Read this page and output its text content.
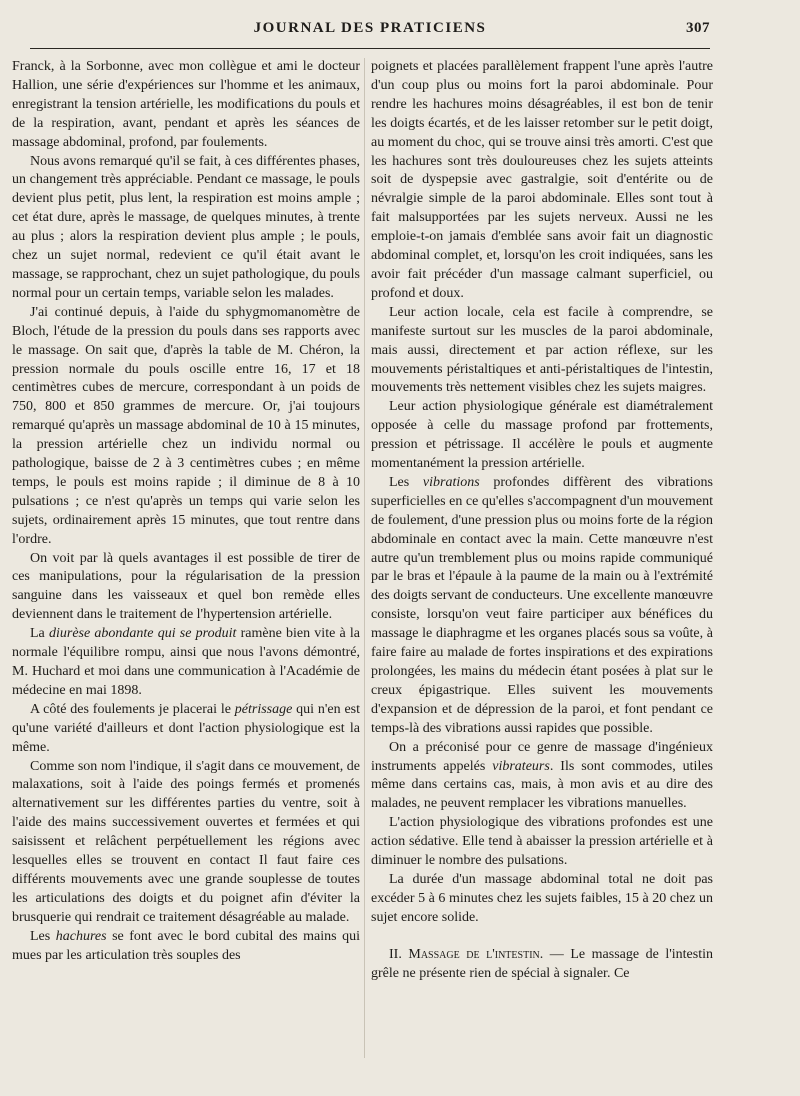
JOURNAL DES PRATICIENS	307

Franck, à la Sorbonne, avec mon collègue et ami le docteur Hallion, une série d'expériences sur l'homme et les animaux, enregistrant la tension artérielle, les modifications du pouls et de la respiration, avant, pendant et après les séances de massage abdominal, profond, par foulements.

Nous avons remarqué qu'il se fait, à ces différentes phases, un changement très appréciable. Pendant ce massage, le pouls devient plus petit, plus lent, la respiration est moins ample ; cet état dure, après le massage, de quelques minutes, à trente au plus ; alors la respiration devient plus ample ; le pouls, chez un sujet normal, redevient ce qu'il était avant le massage, se rapprochant, chez un sujet pathologique, du pouls normal pour un certain temps, variable selon les malades.

J'ai continué depuis, à l'aide du sphygmomanomètre de Bloch, l'étude de la pression du pouls dans ses rapports avec le massage. On sait que, d'après la table de M. Chéron, la pression normale du pouls oscille entre 16, 17 et 18 centimètres cubes de mercure, correspondant à un poids de 750, 800 et 850 grammes de mercure. Or, j'ai toujours remarqué qu'après un massage abdominal de 10 à 15 minutes, la pression artérielle chez un individu normal ou pathologique, baisse de 2 à 3 centimètres cubes ; en même temps, le pouls est moins rapide ; il diminue de 8 à 10 pulsations ; ce n'est qu'après un temps qui varie selon les sujets, ordinairement après 15 minutes, que tout rentre dans l'ordre.

On voit par là quels avantages il est possible de tirer de ces manipulations, pour la régularisation de la pression sanguine dans les vaisseaux et quel bon remède elles deviennent dans le traitement de l'hypertension artérielle.

La diurèse abondante qui se produit ramène bien vite à la normale l'équilibre rompu, ainsi que nous l'avons démontré, M. Huchard et moi dans une communication à l'Académie de médecine en mai 1898.

A côté des foulements je placerai le pétrissage qui n'en est qu'une variété d'ailleurs et dont l'action physiologique est la même.

Comme son nom l'indique, il s'agit dans ce mouvement, de malaxations, soit à l'aide des poings fermés et promenés alternativement sur les différentes parties du ventre, soit à l'aide des mains successivement ouvertes et fermées et qui saisissent et relâchent perpétuellement les régions avec lesquelles elles se trouvent en contact Il faut faire ces différents mouvements avec une grande souplesse de toutes les articulations des doigts et du poignet afin d'éviter la brusquerie qui rendrait ce traitement désagréable au malade.

Les hachures se font avec le bord cubital des mains qui mues par les articulation très souples des

poignets et placées parallèlement frappent l'une après l'autre d'un coup plus ou moins fort la paroi abdominale. Pour rendre les hachures moins désagréables, il est bon de tenir les doigts écartés, et de les laisser retomber sur le petit doigt, au moment du choc, qui se trouve ainsi très amorti. C'est que les hachures sont très douloureuses chez les sujets atteints soit de dyspepsie avec gastralgie, soit d'entérite ou de névralgie simple de la paroi abdominale. Elles sont tout à fait malsupportées par les sujets nerveux. Aussi ne les emploie-t-on jamais d'emblée sans avoir fait un diagnostic abdominal complet, et, lorsqu'on les croit indiquées, sans les avoir fait précéder d'un massage calmant superficiel, ou profond et doux.

Leur action locale, cela est facile à comprendre, se manifeste surtout sur les muscles de la paroi abdominale, mais aussi, directement et par action réflexe, sur les mouvements péristaltiques et anti-péristaltiques de l'intestin, mouvements très nettement visibles chez les sujets maigres.

Leur action physiologique générale est diamétralement opposée à celle du massage profond par frottements, pression et pétrissage. Il accélère le pouls et augmente momentanément la pression artérielle.

Les vibrations profondes diffèrent des vibrations superficielles en ce qu'elles s'accompagnent d'un mouvement de foulement, d'une pression plus ou moins forte de la région abdominale en contact avec la main. Cette manœuvre n'est autre qu'un tremblement plus ou moins rapide communiqué par le bras et l'épaule à la paume de la main ou à l'extrémité des doigts servant de conducteurs. Une excellente manœuvre consiste, lorsqu'on veut faire participer aux bénéfices du massage le diaphragme et les organes placés sous sa voûte, à faire faire au malade de fortes inspirations et des expirations prolongées, les mains du médecin étant posées à plat sur le creux épigastrique. Elles suivent les mouvements d'expansion et de dépression de la paroi, et font pendant ce temps-là des vibrations aussi rapides que possible.

On a préconisé pour ce genre de massage d'ingénieux instruments appelés vibrateurs. Ils sont commodes, utiles même dans certains cas, mais, à mon avis et au dire des malades, ne peuvent remplacer les vibrations manuelles.

L'action physiologique des vibrations profondes est une action sédative. Elle tend à abaisser la pression artérielle et à diminuer le nombre des pulsations.

La durée d'un massage abdominal total ne doit pas excéder 5 à 6 minutes chez les sujets faibles, 15 à 20 chez un sujet encore solide.

II. Massage de l'intestin. — Le massage de l'intestin grêle ne présente rien de spécial à signaler. Ce
